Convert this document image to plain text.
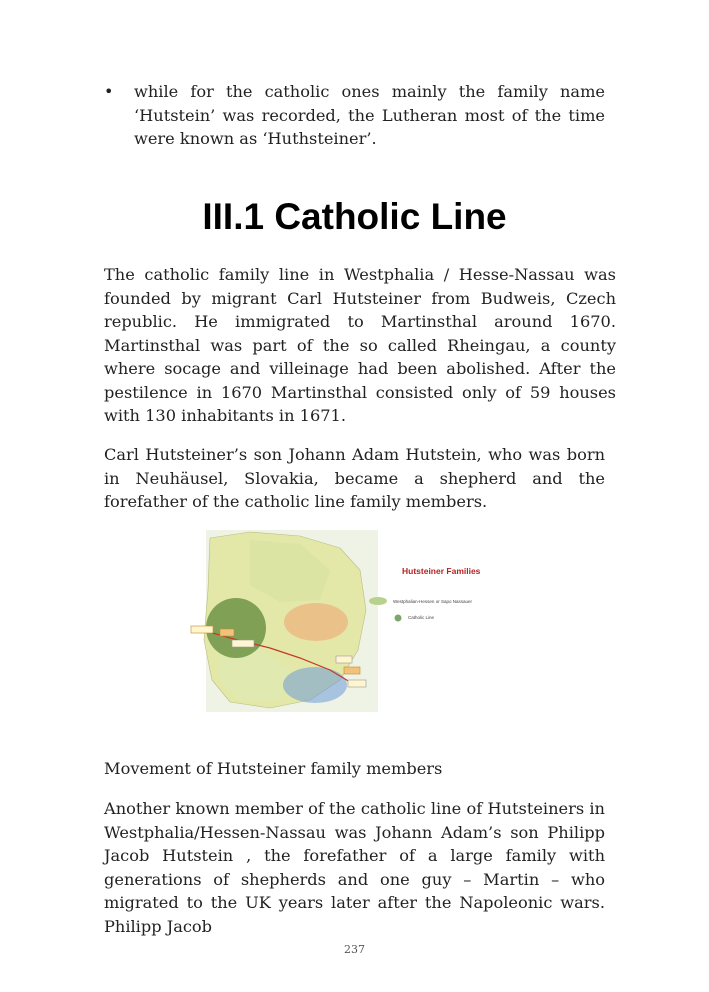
• while for the catholic ones mainly the family name ‘Hutstein’ was recorded, the Lutheran most of the time were known as ‘Huthsteiner’.

III.1 Catholic Line

The catholic family line in Westphalia / Hesse-Nassau was founded by migrant Carl Hutsteiner from Budweis, Czech republic. He immigrated to Martinsthal around 1670. Martinsthal was part of the so called Rheingau, a county where socage and villeinage had been abolished. After the pestilence in 1670 Martinsthal consisted only of 59 houses with 130 inhabitants in 1671.

Carl Hutsteiner’s son Johann Adam Hutstein, who was born in Neuhäusel, Slovakia, became a shepherd and the forefather of the catholic line family members.

Hutsteiner Families
Westphalian-Hessen or Sapo Nassauer
Catholic Line

Movement of Hutsteiner family members

Another known member of the catholic line of Hutsteiners in Westphalia/Hessen-Nassau was Johann Adam’s son Philipp Jacob Hutstein , the forefather of a large family with generations of shepherds and one guy – Martin – who migrated to the UK years later after the Napoleonic wars. Philipp Jacob

237
